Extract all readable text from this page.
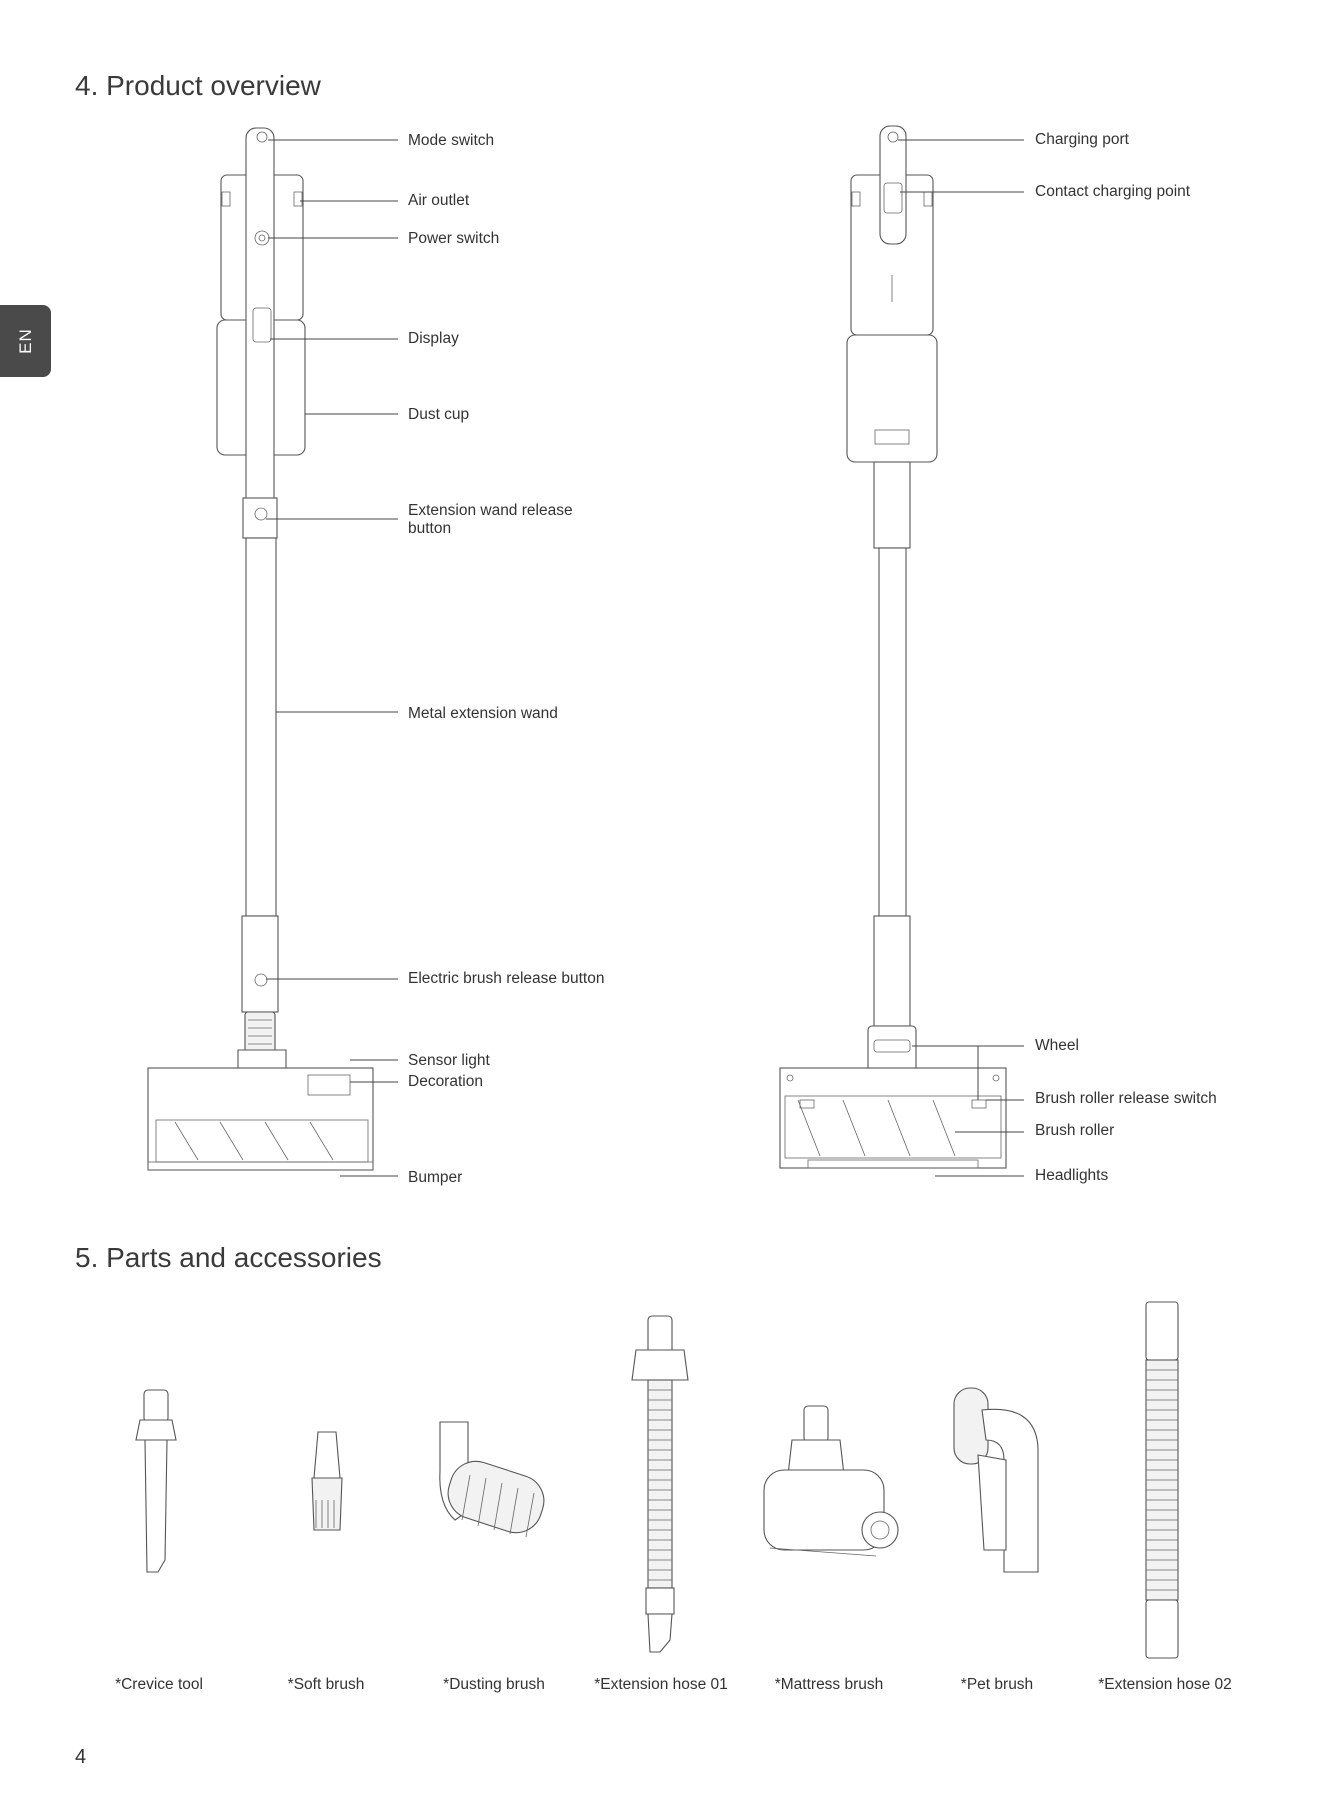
4. Product overview
5. Parts and accessories
EN
Mode switch
Air outlet
Power switch
Display
Dust cup
Extension wand release button
Metal extension wand
Electric brush release button
Sensor light
Decoration
Bumper
Charging port
Contact charging point
Wheel
Brush roller release switch
Brush roller
Headlights
*Crevice tool	*Soft brush	*Dusting brush	*Extension hose 01	*Mattress brush	*Pet brush	*Extension hose 02
4
